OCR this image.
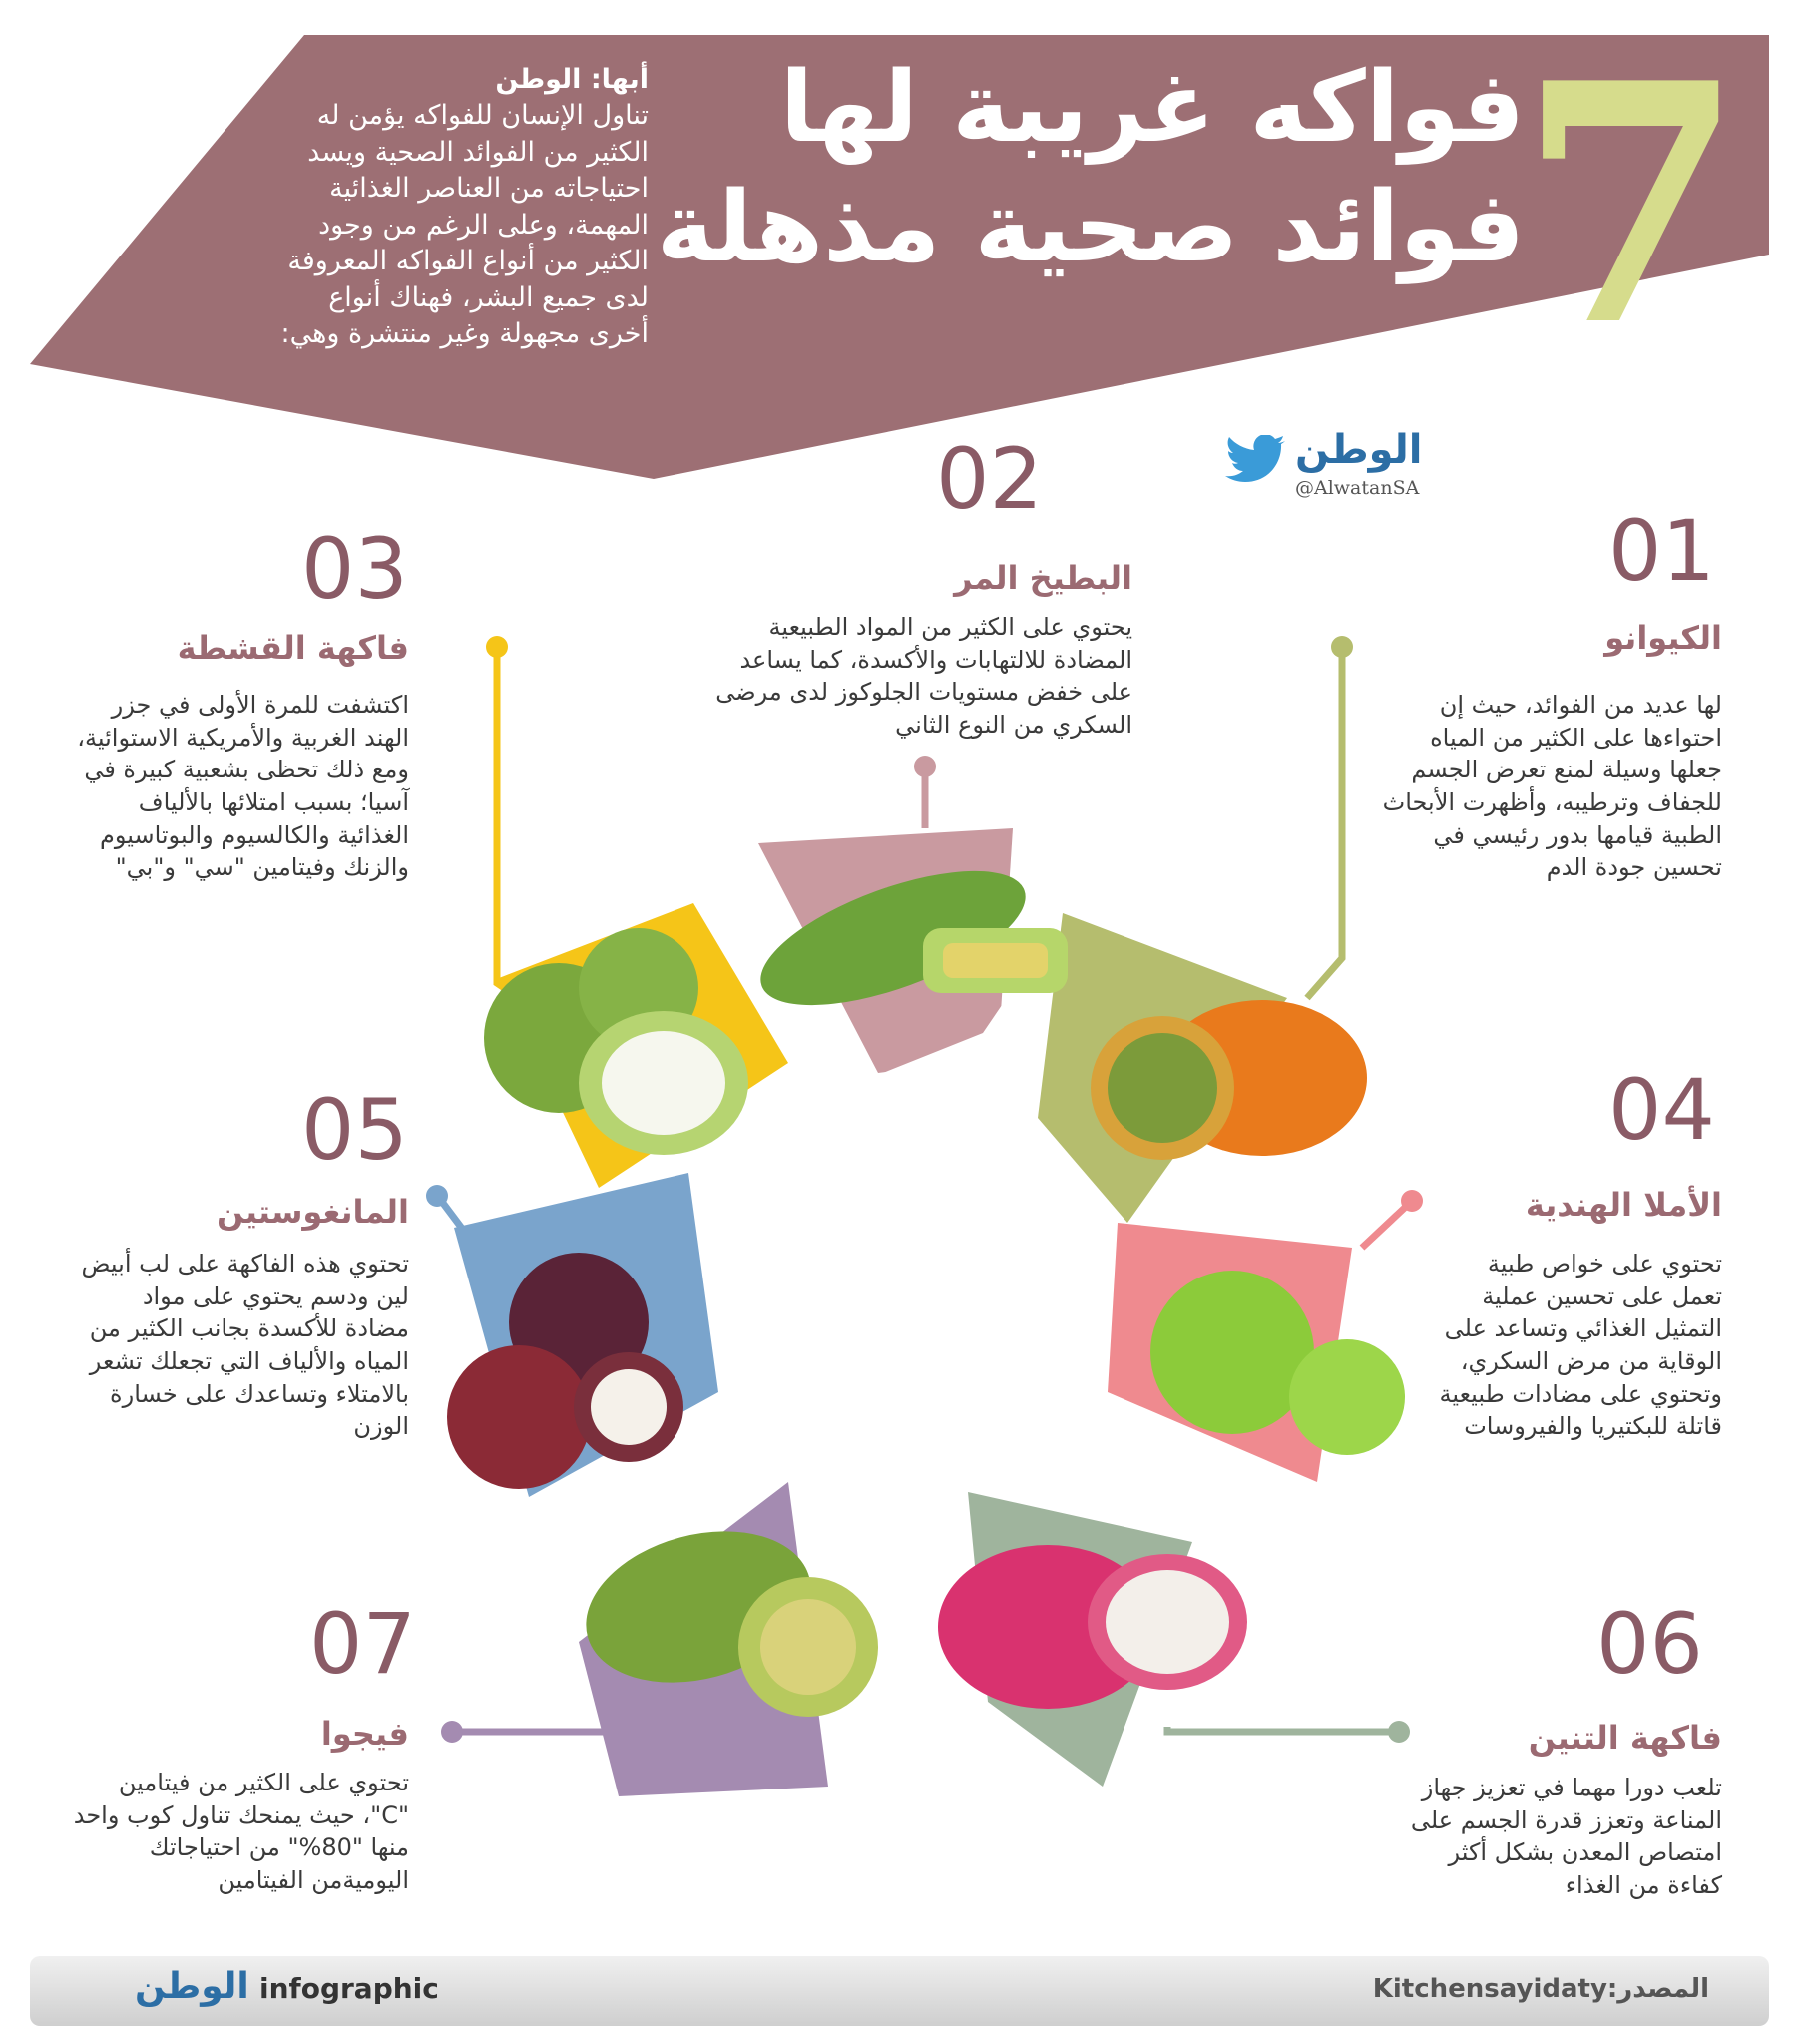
7
فواكه غريبة لها
فوائد صحية مذهلة
أبها: الوطن
تناول الإنسان للفواكه يؤمن له الكثير من الفوائد الصحية ويسد احتياجاته من العناصر الغذائية المهمة، وعلى الرغم من وجود الكثير من أنواع الفواكه المعروفة لدى جميع البشر، فهناك أنواع أخرى مجهولة وغير منتشرة وهي:
الوطن
@AlwatanSA
01
الكيوانو
لها عديد من الفوائد، حيث إن احتواءها على الكثير من المياه جعلها وسيلة لمنع تعرض الجسم للجفاف وترطيبه، وأظهرت الأبحاث الطبية قيامها بدور رئيسي في تحسين جودة الدم
02
البطيخ المر
يحتوي على الكثير من المواد الطبيعية المضادة للالتهابات والأكسدة، كما يساعد على خفض مستويات الجلوكوز لدى مرضى السكري من النوع الثاني
03
فاكهة القشطة
اكتشفت للمرة الأولى في جزر الهند الغربية والأمريكية الاستوائية، ومع ذلك تحظى بشعبية كبيرة في آسيا؛ بسبب امتلائها بالألياف الغذائية والكالسيوم والبوتاسيوم والزنك وفيتامين "سي" و"بي"
04
الأملا الهندية
تحتوي على خواص طبية تعمل على تحسين عملية التمثيل الغذائي وتساعد على الوقاية من مرض السكري، وتحتوي على مضادات طبيعية قاتلة للبكتيريا والفيروسات
05
المانغوستين
تحتوي هذه الفاكهة على لب أبيض لين ودسم يحتوي على مواد مضادة للأكسدة بجانب الكثير من المياه والألياف التي تجعلك تشعر بالامتلاء وتساعدك على خسارة الوزن
06
فاكهة التنين
تلعب دورا مهما في تعزيز جهاز المناعة وتعزز قدرة الجسم على امتصاص المعدن بشكل أكثر كفاءة من الغذاء
07
فيجوا
تحتوي على الكثير من فيتامين "C"، حيث يمنحك تناول كوب واحد منها "80%" من احتياجاتك اليوميةمن الفيتامين
الوطن infographic	المصدر:Kitchensayidaty
